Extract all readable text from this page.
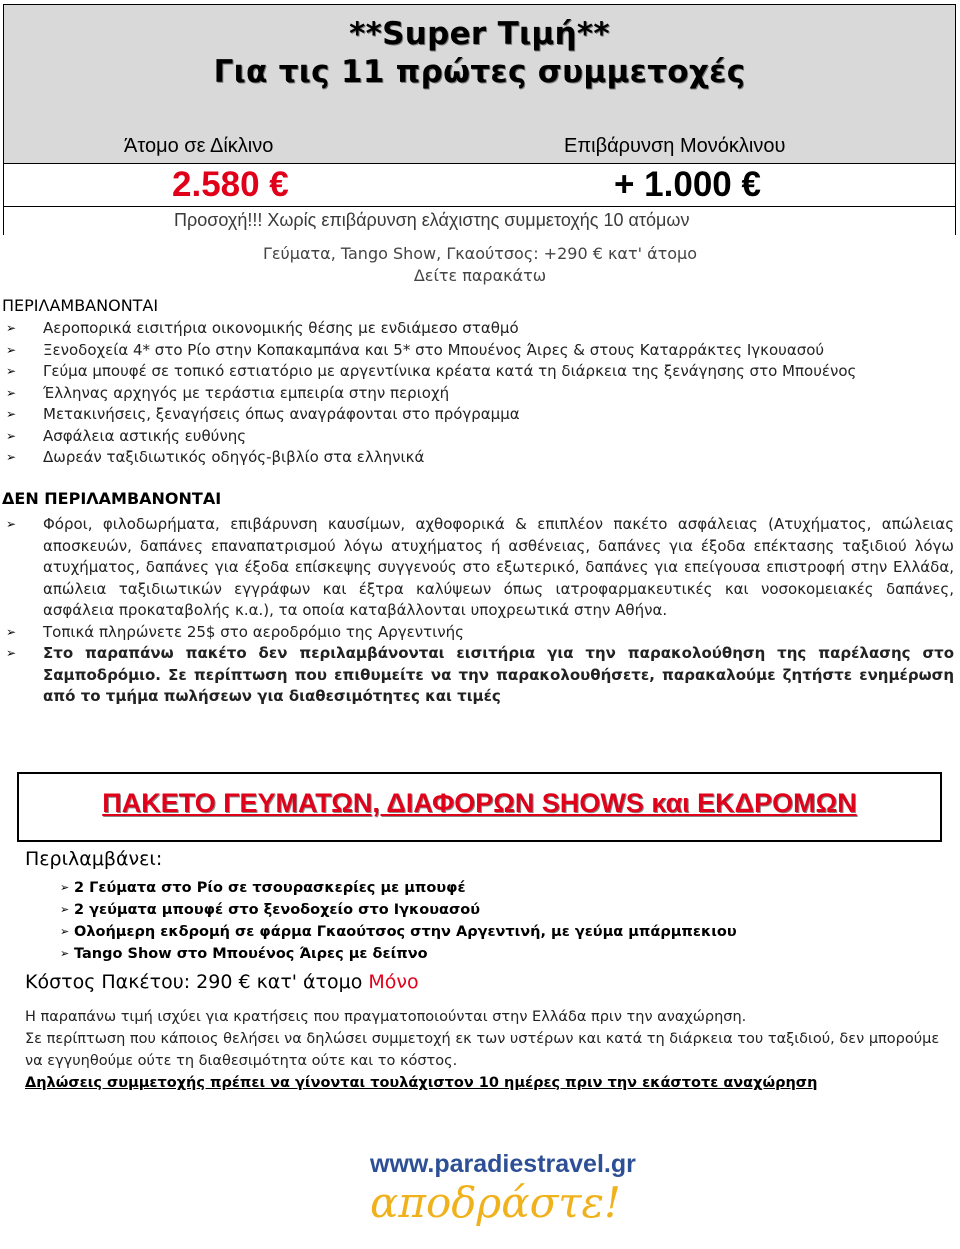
**Super Τιμή**
Για τις 11 πρώτες συμμετοχές
Άτομο σε Δίκλινο	Επιβάρυνση Μονόκλινου
2.580 €	+ 1.000 €
Προσοχή!!! Χωρίς επιβάρυνση ελάχιστης συμμετοχής 10 ατόμων
Γεύματα, Tango Show, Γκαούτσος: +290 € κατ' άτομο
Δείτε παρακάτω
ΠΕΡΙΛΑΜΒΑΝΟΝΤΑΙ
➢ Αεροπορικά εισιτήρια οικονομικής θέσης με ενδιάμεσο σταθμό
➢ Ξενοδοχεία 4* στο Ρίο στην Κοπακαμπάνα και 5* στο Μπουένος Άιρες & στους Καταρράκτες Ιγκουασού
➢ Γεύμα μπουφέ σε τοπικό εστιατόριο με αργεντίνικα κρέατα κατά τη διάρκεια της ξενάγησης στο Μπουένος
➢ Έλληνας αρχηγός με τεράστια εμπειρία στην περιοχή
➢ Μετακινήσεις, ξεναγήσεις όπως αναγράφονται στο πρόγραμμα
➢ Ασφάλεια αστικής ευθύνης
➢ Δωρεάν ταξιδιωτικός οδηγός-βιβλίο στα ελληνικά
ΔΕΝ ΠΕΡΙΛΑΜΒΑΝΟΝΤΑΙ
➢ Φόροι, φιλοδωρήματα, επιβάρυνση καυσίμων, αχθοφορικά & επιπλέον πακέτο ασφάλειας (Ατυχήματος, απώλειας αποσκευών, δαπάνες επαναπατρισμού λόγω ατυχήματος ή ασθένειας, δαπάνες για έξοδα επέκτασης ταξιδιού λόγω ατυχήματος, δαπάνες για έξοδα επίσκεψης συγγενούς στο εξωτερικό, δαπάνες για επείγουσα επιστροφή στην Ελλάδα, απώλεια ταξιδιωτικών εγγράφων και έξτρα καλύψεων όπως ιατροφαρμακευτικές και νοσοκομειακές δαπάνες, ασφάλεια προκαταβολής κ.α.), τα οποία καταβάλλονται υποχρεωτικά στην Αθήνα.
➢ Τοπικά πληρώνετε 25$ στο αεροδρόμιο της Αργεντινής
➢ Στο παραπάνω πακέτο δεν περιλαμβάνονται εισιτήρια για την παρακολούθηση της παρέλασης στο Σαμποδρόμιο. Σε περίπτωση που επιθυμείτε να την παρακολουθήσετε, παρακαλούμε ζητήστε ενημέρωση από το τμήμα πωλήσεων για διαθεσιμότητες και τιμές
ΠΑΚΕΤΟ ΓΕΥΜΑΤΩΝ, ΔΙΑΦΟΡΩΝ SHOWS και ΕΚΔΡΟΜΩΝ
Περιλαμβάνει:
➢ 2 Γεύματα στο Ρίο σε τσουρασκερίες με μπουφέ
➢ 2 γεύματα μπουφέ στο ξενοδοχείο στο Ιγκουασού
➢ Ολοήμερη εκδρομή σε φάρμα Γκαούτσος στην Αργεντινή, με γεύμα μπάρμπεκιου
➢ Tango Show στο Μπουένος Άιρες με δείπνο
Κόστος Πακέτου: 290 € κατ' άτομο Μόνο
Η παραπάνω τιμή ισχύει για κρατήσεις που πραγματοποιούνται στην Ελλάδα πριν την αναχώρηση.
Σε περίπτωση που κάποιος θελήσει να δηλώσει συμμετοχή εκ των υστέρων και κατά τη διάρκεια του ταξιδιού, δεν μπορούμε να εγγυηθούμε ούτε τη διαθεσιμότητα ούτε και το κόστος.
Δηλώσεις συμμετοχής πρέπει να γίνονται τουλάχιστον 10 ημέρες πριν την εκάστοτε αναχώρηση
www.paradiestravel.gr
αποδράστε!
